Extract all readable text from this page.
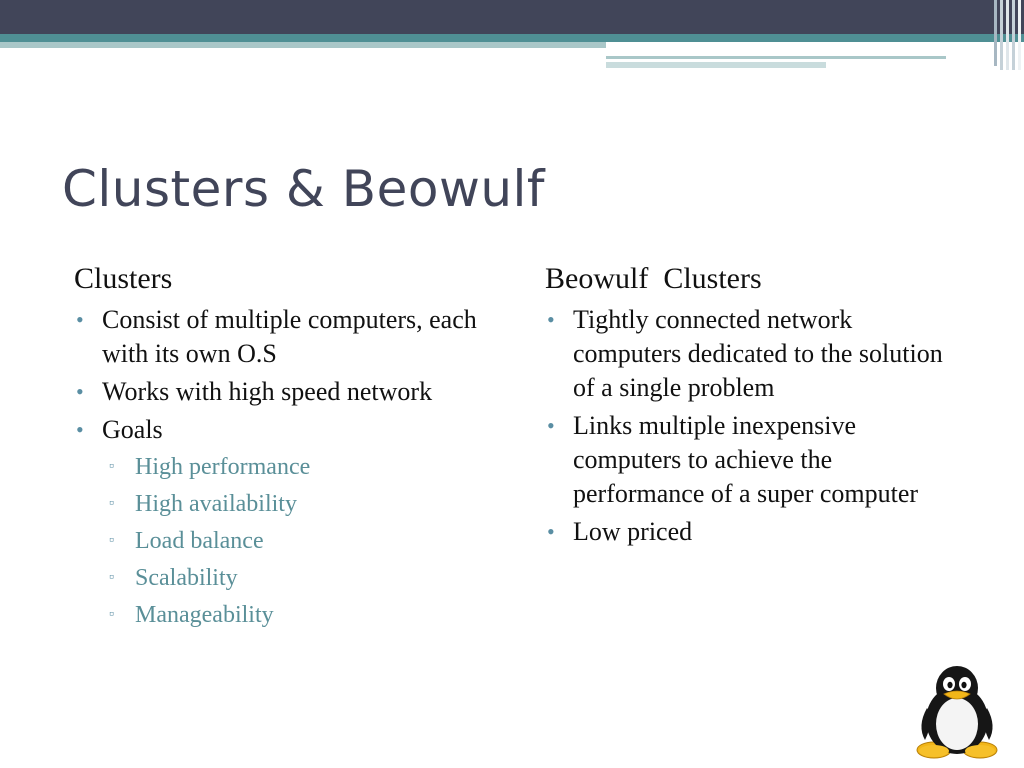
Clusters & Beowulf
Clusters
• Consist of multiple computers, each with its own O.S
• Works with high speed network
• Goals
▫ High performance
▫ High availability
▫ Load balance
▫ Scalability
▫ Manageability
Beowulf  Clusters
• Tightly connected network computers dedicated to the solution of a single problem
• Links multiple inexpensive computers to achieve the performance of a super computer
• Low priced
